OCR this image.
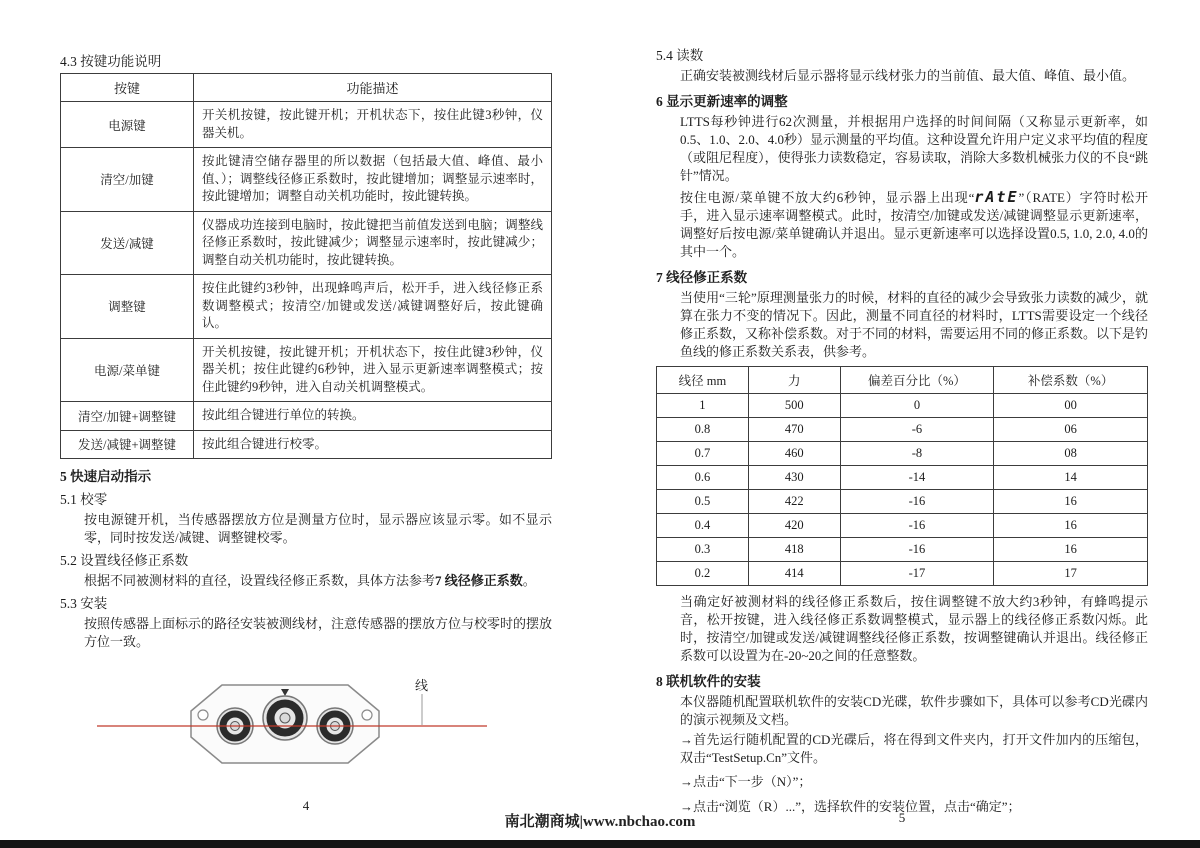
4.3 按键功能说明
按键	功能描述
电源键	开关机按键，按此键开机；开机状态下，按住此键3秒钟，仪器关机。
清空/加键	按此键清空储存器里的所以数据（包括最大值、峰值、最小值、）；调整线径修正系数时，按此键增加；调整显示速率时，按此键增加；调整自动关机功能时，按此键转换。
发送/减键	仪器成功连接到电脑时，按此键把当前值发送到电脑；调整线径修正系数时，按此键减少；调整显示速率时，按此键减少；调整自动关机功能时，按此键转换。
调整键	按住此键约3秒钟，出现蜂鸣声后，松开手，进入线径修正系数调整模式；按清空/加键或发送/减键调整好后，按此键确认。
电源/菜单键	开关机按键，按此键开机；开机状态下，按住此键3秒钟，仪器关机；按住此键约6秒钟，进入显示更新速率调整模式；按住此键约9秒钟，进入自动关机调整模式。
清空/加键+调整键	按此组合键进行单位的转换。
发送/减键+调整键	按此组合键进行校零。
5 快速启动指示
5.1 校零

按电源键开机，当传感器摆放方位是测量方位时，显示器应该显示零。如不显示零，同时按发送/减键、调整键校零。

5.2 设置线径修正系数

根据不同被测材料的直径，设置线径修正系数，具体方法参考7 线径修正系数。

5.3 安装

按照传感器上面标示的路径安装被测线材，注意传感器的摆放方位与校零时的摆放方位一致。

线
5.4 读数

正确安装被测线材后显示器将显示线材张力的当前值、最大值、峰值、最小值。

6 显示更新速率的调整

LTTS每秒钟进行62次测量，并根据用户选择的时间间隔（又称显示更新率，如0.5、1.0、2.0、4.0秒）显示测量的平均值。这种设置允许用户定义求平均值的程度（或阻尼程度），使得张力读数稳定，容易读取，消除大多数机械张力仪的不良“跳针”情况。

按住电源/菜单键不放大约6秒钟，显示器上出现“rAtE”（RATE）字符时松开手，进入显示速率调整模式。此时，按清空/加键或发送/减键调整显示更新速率，调整好后按电源/菜单键确认并退出。显示更新速率可以选择设置0.5, 1.0, 2.0, 4.0的其中一个。

7 线径修正系数

当使用“三轮”原理测量张力的时候，材料的直径的减少会导致张力读数的减少，就算在张力不变的情况下。因此，测量不同直径的材料时，LTTS需要设定一个线径修正系数，又称补偿系数。对于不同的材料，需要运用不同的修正系数。以下是钓鱼线的修正系数关系表，供参考。

线径 mm	力	偏差百分比（%）	补偿系数（%）
1	500	0	00
0.8	470	-6	06
0.7	460	-8	08
0.6	430	-14	14
0.5	422	-16	16
0.4	420	-16	16
0.3	418	-16	16
0.2	414	-17	17

当确定好被测材料的线径修正系数后，按住调整键不放大约3秒钟，有蜂鸣提示音，松开按键，进入线径修正系数调整模式，显示器上的线径修正系数闪烁。此时，按清空/加键或发送/减键调整线径修正系数，按调整键确认并退出。线径修正系数可以设置为在-20~20之间的任意整数。

8 联机软件的安装

本仪器随机配置联机软件的安装CD光碟，软件步骤如下，具体可以参考CD光碟内的演示视频及文档。

→首先运行随机配置的CD光碟后，将在得到文件夹内，打开文件加内的压缩包，双击“TestSetup.Cn”文件。

→点击“下一步（N）”；

→点击“浏览（R）...”，选择软件的安装位置，点击“确定”；

4
5
南北潮商城|www.nbchao.com
